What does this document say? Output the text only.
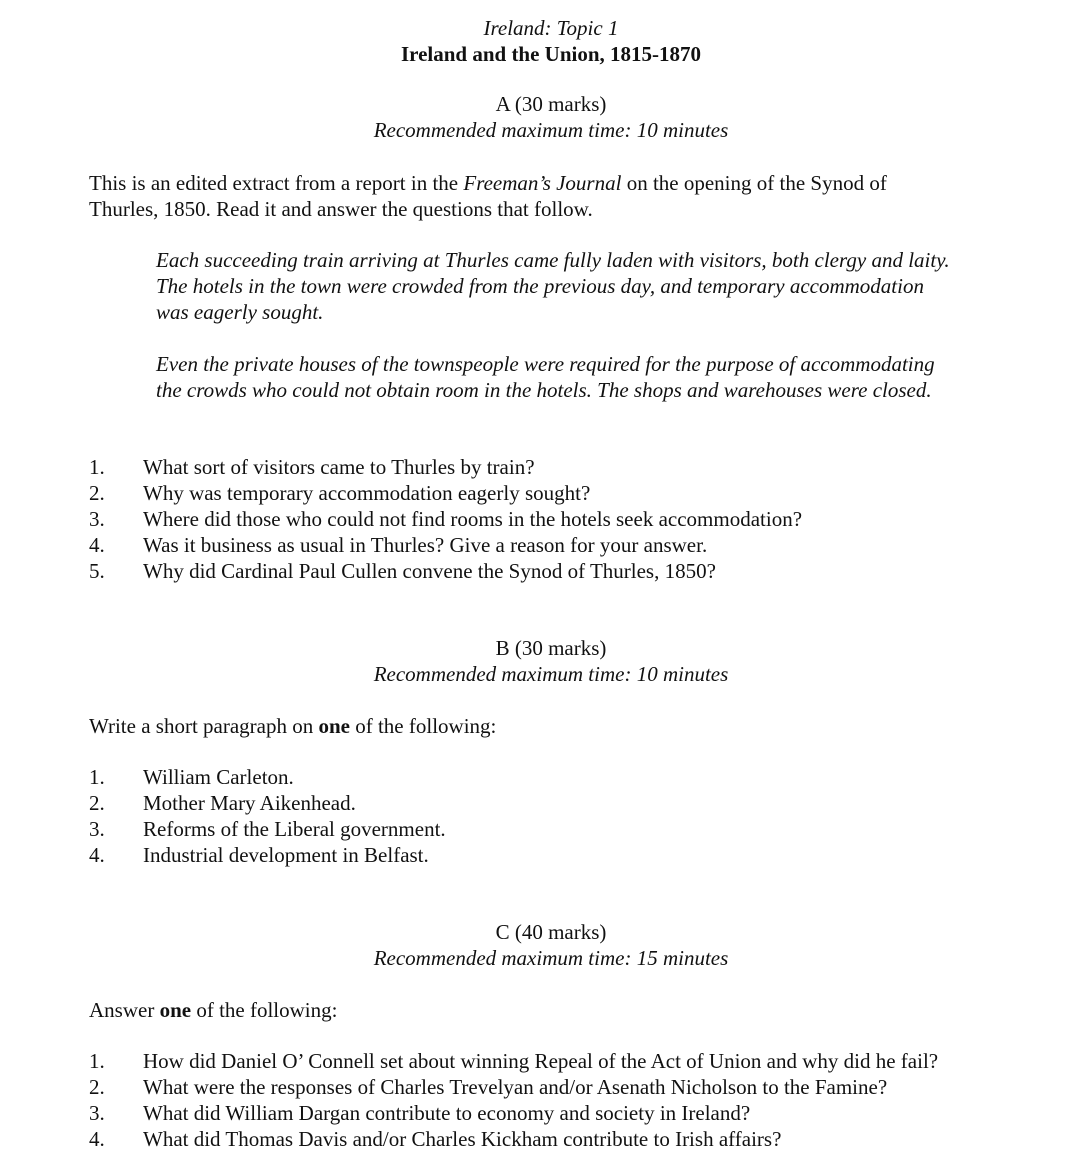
Ireland: Topic 1
Ireland and the Union, 1815-1870
A (30 marks)
Recommended maximum time: 10 minutes
This is an edited extract from a report in the Freeman’s Journal on the opening of the Synod of
Thurles, 1850. Read it and answer the questions that follow.
Each succeeding train arriving at Thurles came fully laden with visitors, both clergy and laity.
The hotels in the town were crowded from the previous day, and temporary accommodation
was eagerly sought.
Even the private houses of the townspeople were required for the purpose of accommodating
the crowds who could not obtain room in the hotels. The shops and warehouses were closed.
1.	What sort of visitors came to Thurles by train?
2.	Why was temporary accommodation eagerly sought?
3.	Where did those who could not find rooms in the hotels seek accommodation?
4.	Was it business as usual in Thurles? Give a reason for your answer.
5.	Why did Cardinal Paul Cullen convene the Synod of Thurles, 1850?
B (30 marks)
Recommended maximum time: 10 minutes
Write a short paragraph on one of the following:
1.	William Carleton.
2.	Mother Mary Aikenhead.
3.	Reforms of the Liberal government.
4.	Industrial development in Belfast.
C (40 marks)
Recommended maximum time: 15 minutes
Answer one of the following:
1.	How did Daniel O’ Connell set about winning Repeal of the Act of Union and why did he fail?
2.	What were the responses of Charles Trevelyan and/or Asenath Nicholson to the Famine?
3.	What did William Dargan contribute to economy and society in Ireland?
4.	What did Thomas Davis and/or Charles Kickham contribute to Irish affairs?
